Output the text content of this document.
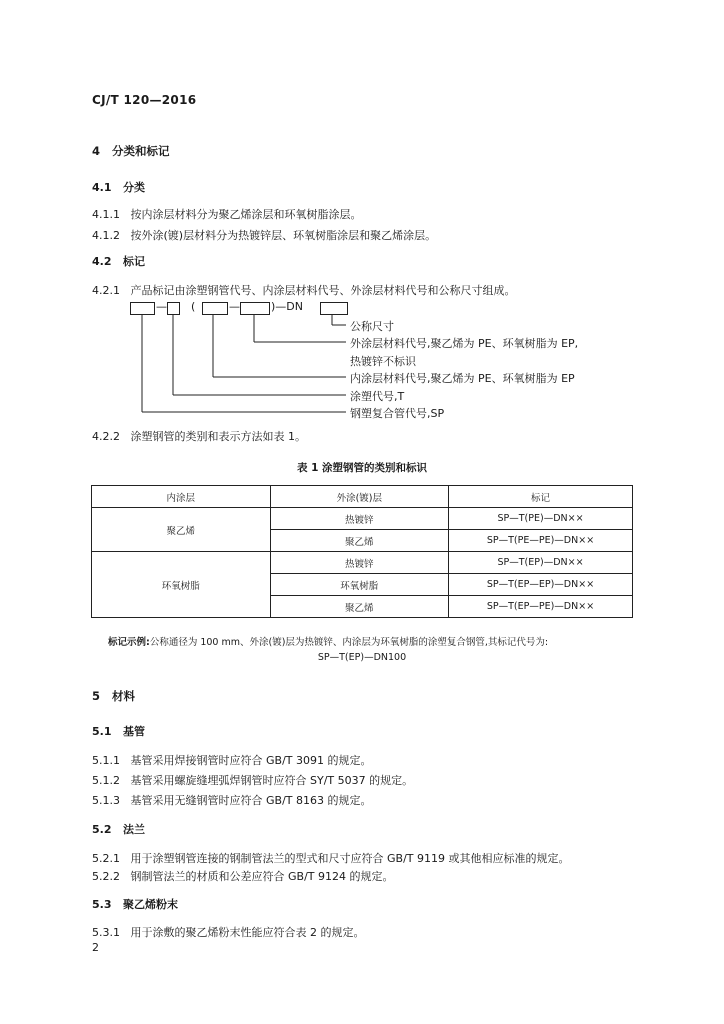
CJ/T 120—2016
4 分类和标记
4.1 分类
4.1.1 按内涂层材料分为聚乙烯涂层和环氧树脂涂层。
4.1.2 按外涂(镀)层材料分为热镀锌层、环氧树脂涂层和聚乙烯涂层。
4.2 标记
4.2.1 产品标记由涂塑钢管代号、内涂层材料代号、外涂层材料代号和公称尺寸组成。
— (	—	)—DN
公称尺寸
外涂层材料代号,聚乙烯为 PE、环氧树脂为 EP,
热镀锌不标识
内涂层材料代号,聚乙烯为 PE、环氧树脂为 EP
涂塑代号,T
钢塑复合管代号,SP
4.2.2 涂塑钢管的类别和表示方法如表 1。
表 1 涂塑钢管的类别和标识
内涂层	外涂(镀)层	标记
聚乙烯	热镀锌	SP—T(PE)—DN××
	聚乙烯	SP—T(PE—PE)—DN××
环氧树脂	热镀锌	SP—T(EP)—DN××
	环氧树脂	SP—T(EP—EP)—DN××
	聚乙烯	SP—T(EP—PE)—DN××
标记示例:公称通径为 100 mm、外涂(镀)层为热镀锌、内涂层为环氧树脂的涂塑复合钢管,其标记代号为:
SP—T(EP)—DN100
5 材料
5.1 基管
5.1.1 基管采用焊接钢管时应符合 GB/T 3091 的规定。
5.1.2 基管采用螺旋缝埋弧焊钢管时应符合 SY/T 5037 的规定。
5.1.3 基管采用无缝钢管时应符合 GB/T 8163 的规定。
5.2 法兰
5.2.1 用于涂塑钢管连接的钢制管法兰的型式和尺寸应符合 GB/T 9119 或其他相应标准的规定。
5.2.2 钢制管法兰的材质和公差应符合 GB/T 9124 的规定。
5.3 聚乙烯粉末
5.3.1 用于涂敷的聚乙烯粉末性能应符合表 2 的规定。
2
